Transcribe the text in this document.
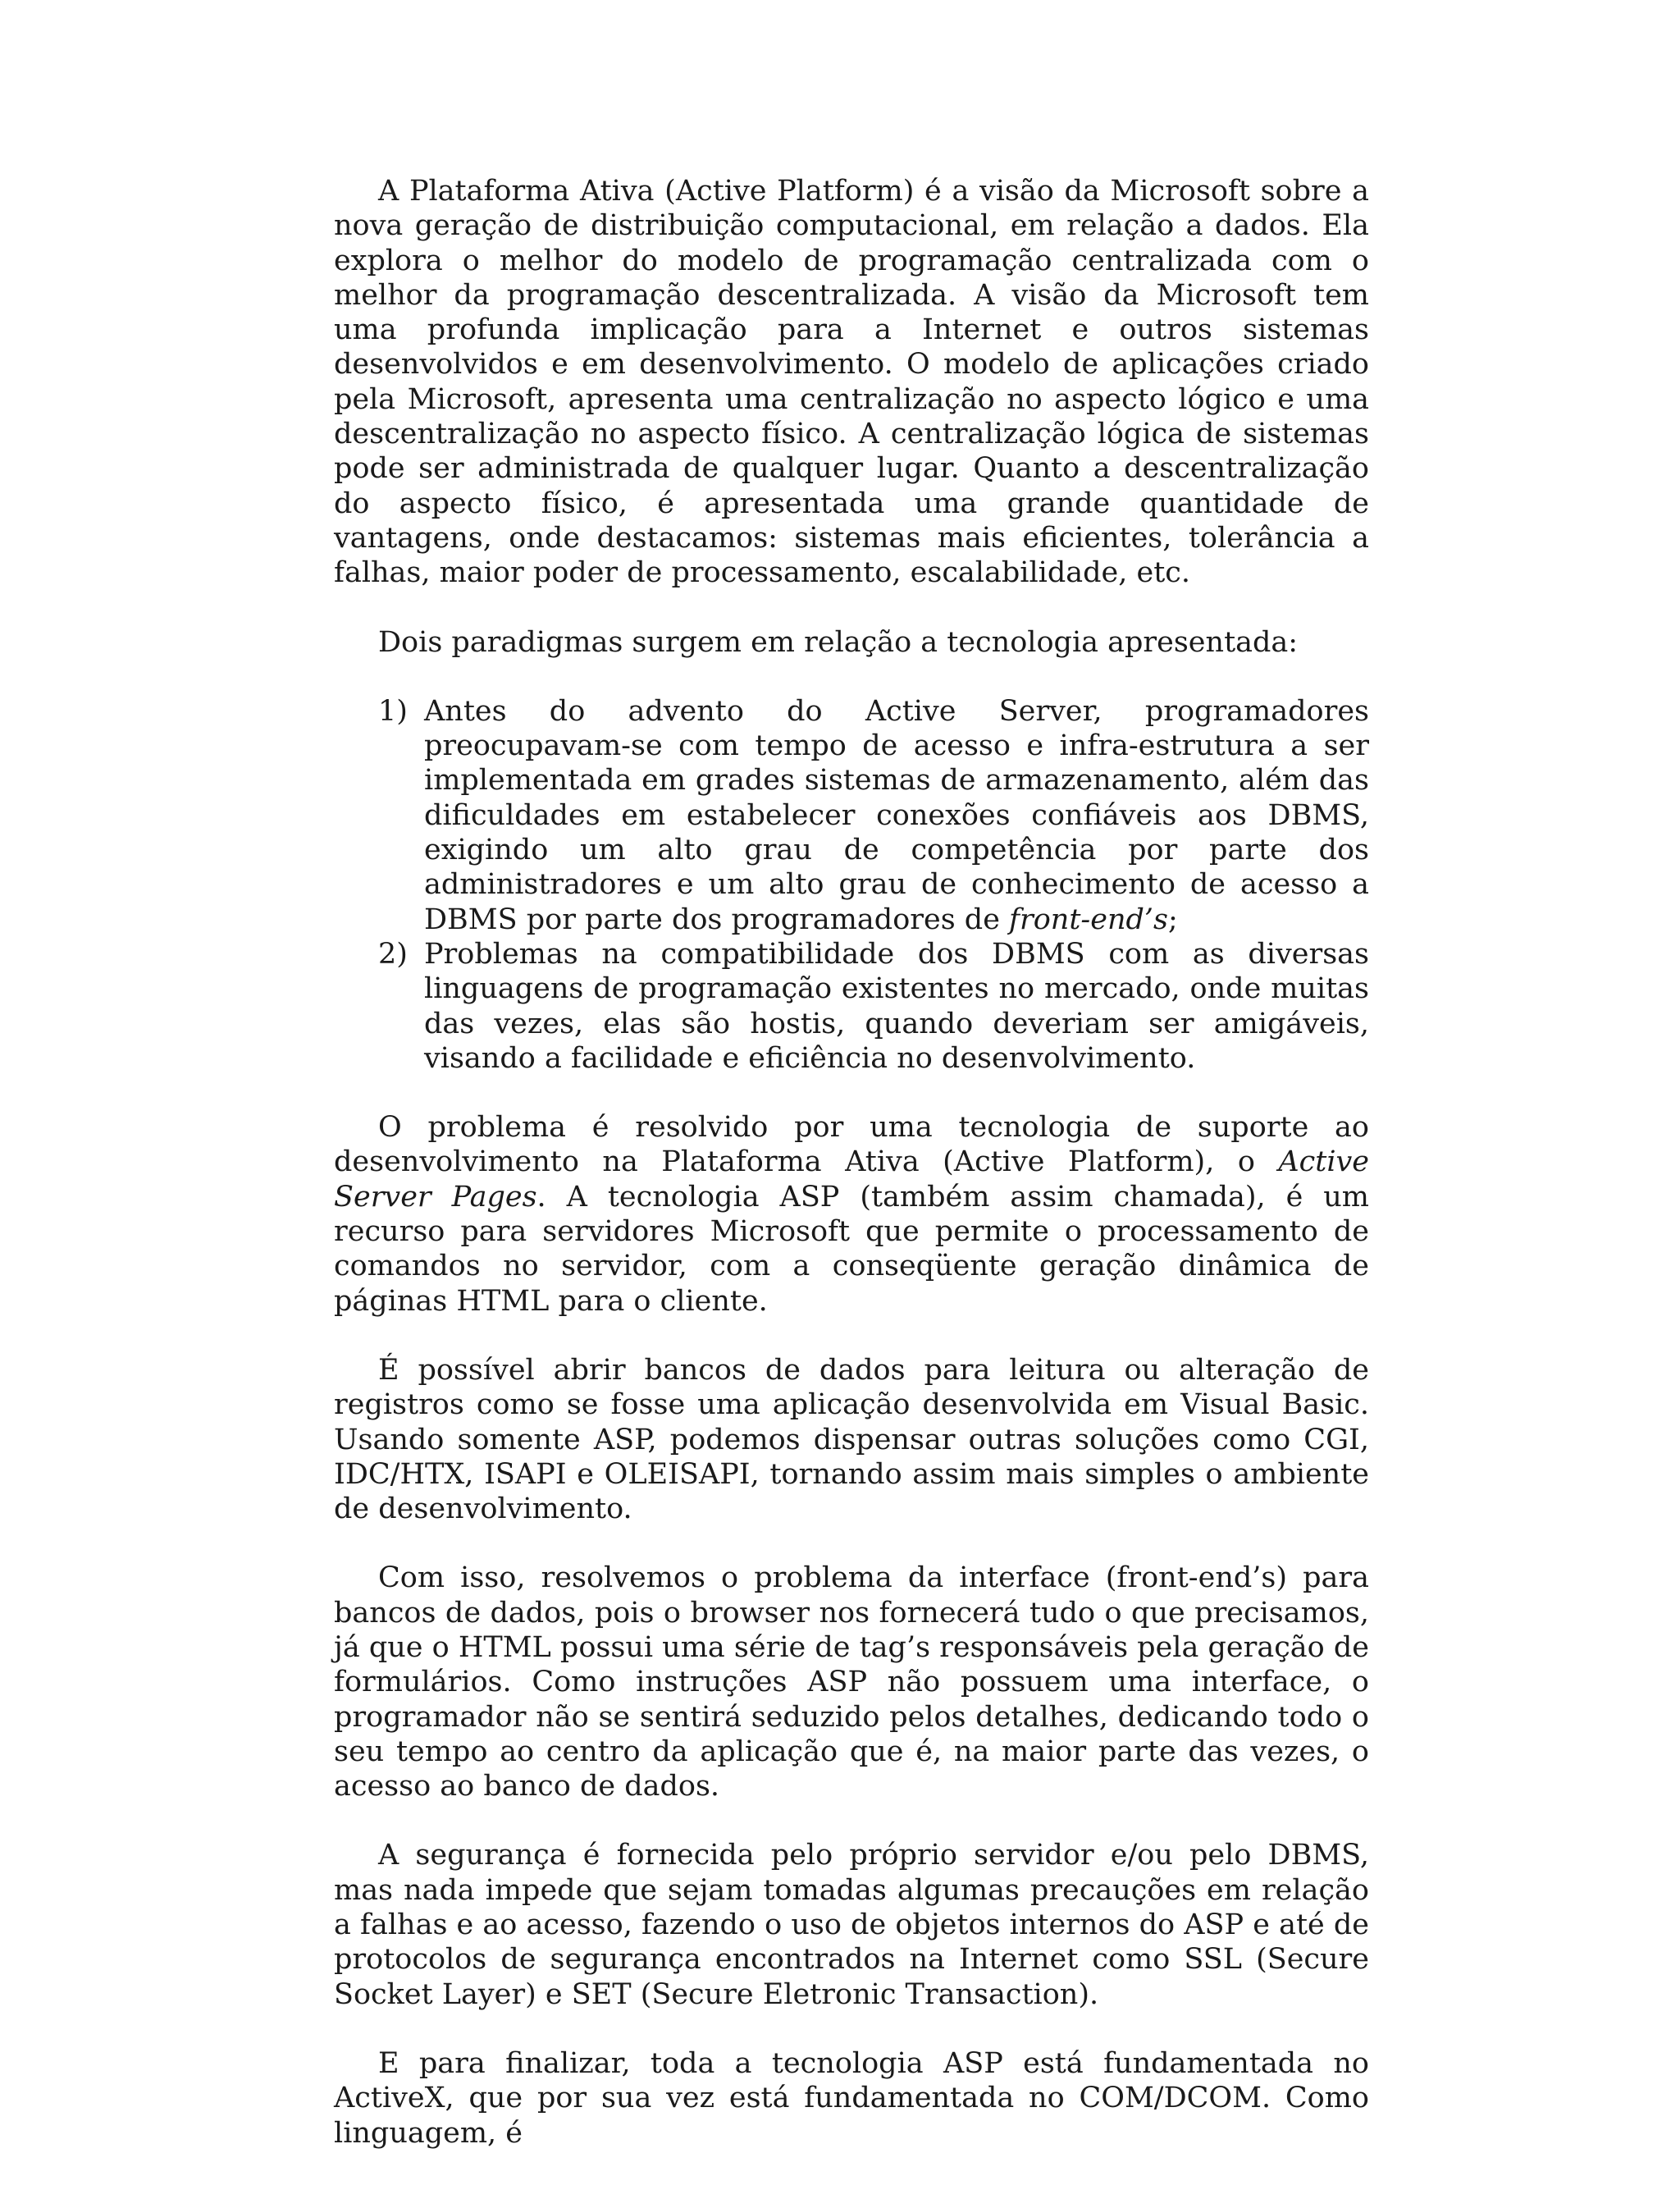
A Plataforma Ativa (Active Platform) é a visão da Microsoft sobre a nova geração de distribuição computacional, em relação a dados. Ela explora o melhor do modelo de programação centralizada com o melhor da programação descentralizada. A visão da Microsoft tem uma profunda implicação para a Internet e outros sistemas desenvolvidos e em desenvolvimento. O modelo de aplicações criado pela Microsoft, apresenta uma centralização no aspecto lógico e uma descentralização no aspecto físico. A centralização lógica de sistemas pode ser administrada de qualquer lugar. Quanto a descentralização do aspecto físico, é apresentada uma grande quantidade de vantagens, onde destacamos: sistemas mais eficientes, tolerância a falhas, maior poder de processamento, escalabilidade, etc.

Dois paradigmas surgem em relação a tecnologia apresentada:

1) Antes do advento do Active Server, programadores preocupavam-se com tempo de acesso e infra-estrutura a ser implementada em grades sistemas de armazenamento, além das dificuldades em estabelecer conexões confiáveis aos DBMS, exigindo um alto grau de competência por parte dos administradores e um alto grau de conhecimento de acesso a DBMS por parte dos programadores de front-end’s;

2) Problemas na compatibilidade dos DBMS com as diversas linguagens de programação existentes no mercado, onde muitas das vezes, elas são hostis, quando deveriam ser amigáveis, visando a facilidade e eficiência no desenvolvimento.

O problema é resolvido por uma tecnologia de suporte ao desenvolvimento na Plataforma Ativa (Active Platform), o Active Server Pages. A tecnologia ASP (também assim chamada), é um recurso para servidores Microsoft que permite o processamento de comandos no servidor, com a conseqüente geração dinâmica de páginas HTML para o cliente.

É possível abrir bancos de dados para leitura ou alteração de registros como se fosse uma aplicação desenvolvida em Visual Basic. Usando somente ASP, podemos dispensar outras soluções como CGI, IDC/HTX, ISAPI e OLEISAPI, tornando assim mais simples o ambiente de desenvolvimento.

Com isso, resolvemos o problema da interface (front-end’s) para bancos de dados, pois o browser nos fornecerá tudo o que precisamos, já que o HTML possui uma série de tag’s responsáveis pela geração de formulários. Como instruções ASP não possuem uma interface, o programador não se sentirá seduzido pelos detalhes, dedicando todo o seu tempo ao centro da aplicação que é, na maior parte das vezes, o acesso ao banco de dados.

A segurança é fornecida pelo próprio servidor e/ou pelo DBMS, mas nada impede que sejam tomadas algumas precauções em relação a falhas e ao acesso, fazendo o uso de objetos internos do ASP e até de protocolos de segurança encontrados na Internet como SSL (Secure Socket Layer) e SET (Secure Eletronic Transaction).

E para finalizar, toda a tecnologia ASP está fundamentada no ActiveX, que por sua vez está fundamentada no COM/DCOM. Como linguagem, é
